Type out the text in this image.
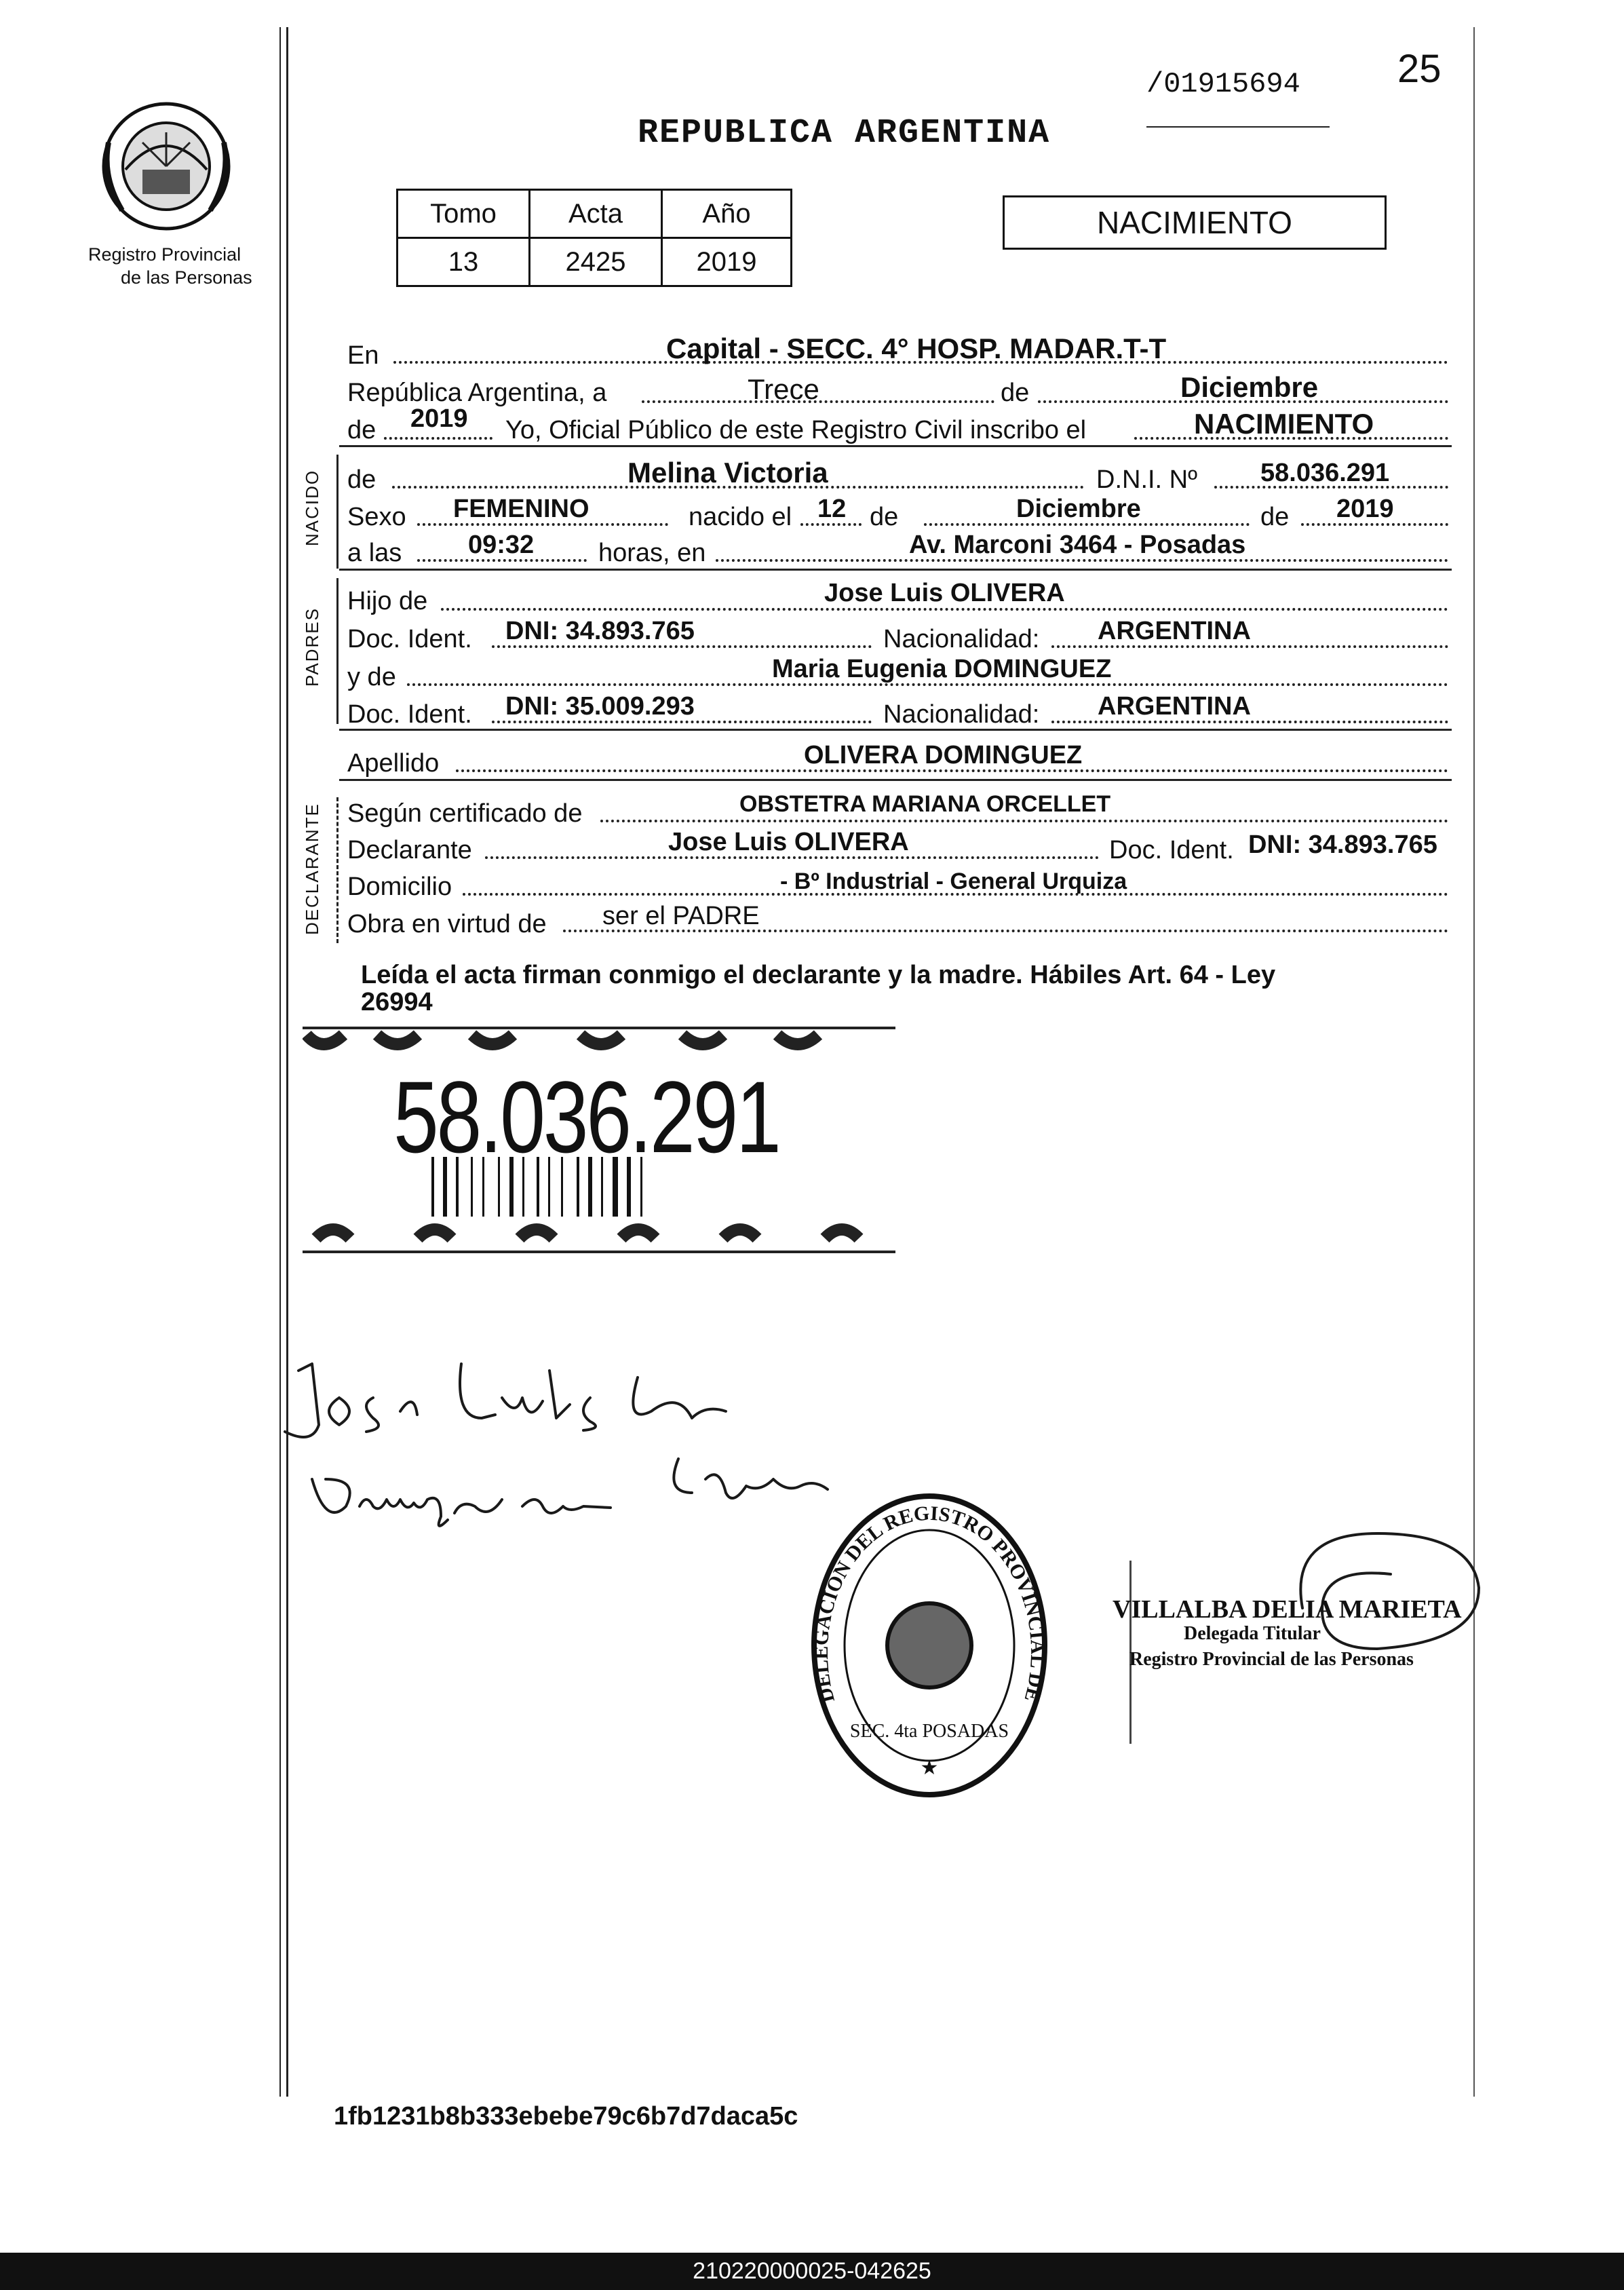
Registro Provincial
de las Personas
REPUBLICA ARGENTINA
/01915694 25
Tomo	Acta	Año
13	2425	2019
NACIMIENTO
En	Capital - SECC. 4° HOSP. MADAR.T-T
República Argentina, a	Trece	de	Diciembre
de 2019 Yo, Oficial Público de este Registro Civil inscribo el	NACIMIENTO
NACIDO de	Melina Victoria	D.N.I. Nº 58.036.291
Sexo FEMENINO	nacido el 12 de	Diciembre	de 2019
a las	09:32 horas, en	Av. Marconi 3464 - Posadas
PADRES
Hijo de	Jose Luis OLIVERA
Doc. Ident. DNI: 34.893.765	Nacionalidad: ARGENTINA
y de	Maria Eugenia DOMINGUEZ
Doc. Ident. DNI: 35.009.293	Nacionalidad: ARGENTINA
Apellido	OLIVERA DOMINGUEZ
DECLARANTE Según certificado de	OBSTETRA MARIANA ORCELLET
Declarante	Jose Luis OLIVERA	Doc. Ident. DNI: 34.893.765
Domicilio	- Bº Industrial - General Urquiza
Obra en virtud de ser el PADRE
Leída el acta firman conmigo el declarante y la madre. Hábiles Art. 64 - Ley
26994
58.036.291
DELEGACION DEL REGISTRO PROVINCIAL DE
SEC. 4ta POSADAS
★
VILLALBA DELIA MARIETA
Delegada Titular
Registro Provincial de las Personas
1fb1231b8b333ebebe79c6b7d7daca5c
210220000025-042625
